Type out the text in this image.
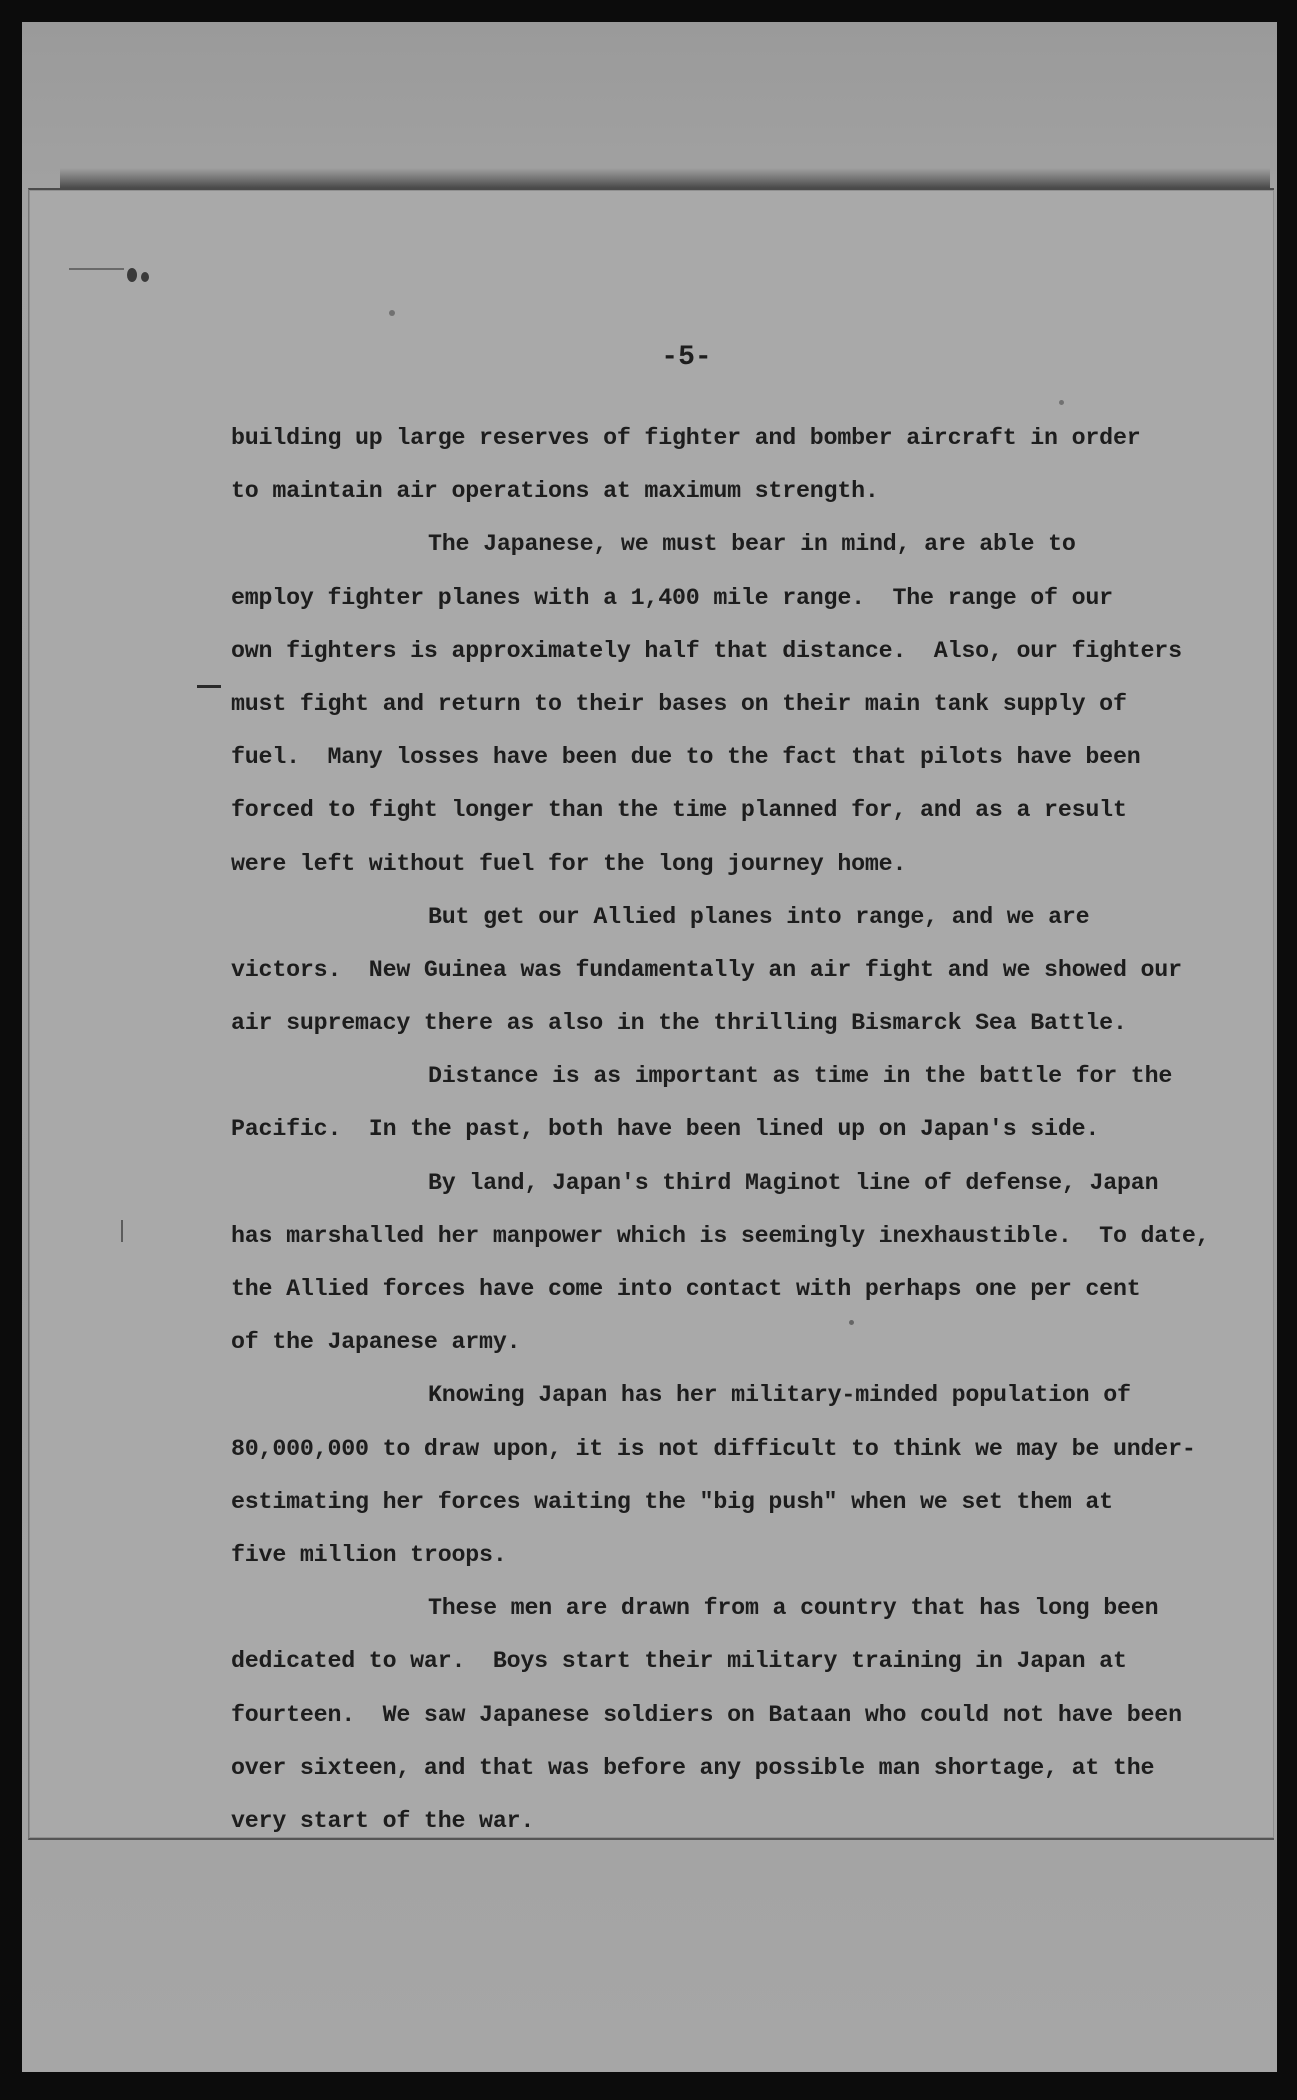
-5-
building up large reserves of fighter and bomber aircraft in order
to maintain air operations at maximum strength.
The Japanese, we must bear in mind, are able to
employ fighter planes with a 1,400 mile range.  The range of our
own fighters is approximately half that distance.  Also, our fighters
must fight and return to their bases on their main tank supply of
fuel.  Many losses have been due to the fact that pilots have been
forced to fight longer than the time planned for, and as a result
were left without fuel for the long journey home.
But get our Allied planes into range, and we are
victors.  New Guinea was fundamentally an air fight and we showed our
air supremacy there as also in the thrilling Bismarck Sea Battle.
Distance is as important as time in the battle for the
Pacific.  In the past, both have been lined up on Japan's side.
By land, Japan's third Maginot line of defense, Japan
has marshalled her manpower which is seemingly inexhaustible.  To date,
the Allied forces have come into contact with perhaps one per cent
of the Japanese army.
Knowing Japan has her military-minded population of
80,000,000 to draw upon, it is not difficult to think we may be under-
estimating her forces waiting the "big push" when we set them at
five million troops.
These men are drawn from a country that has long been
dedicated to war.  Boys start their military training in Japan at
fourteen.  We saw Japanese soldiers on Bataan who could not have been
over sixteen, and that was before any possible man shortage, at the
very start of the war.
